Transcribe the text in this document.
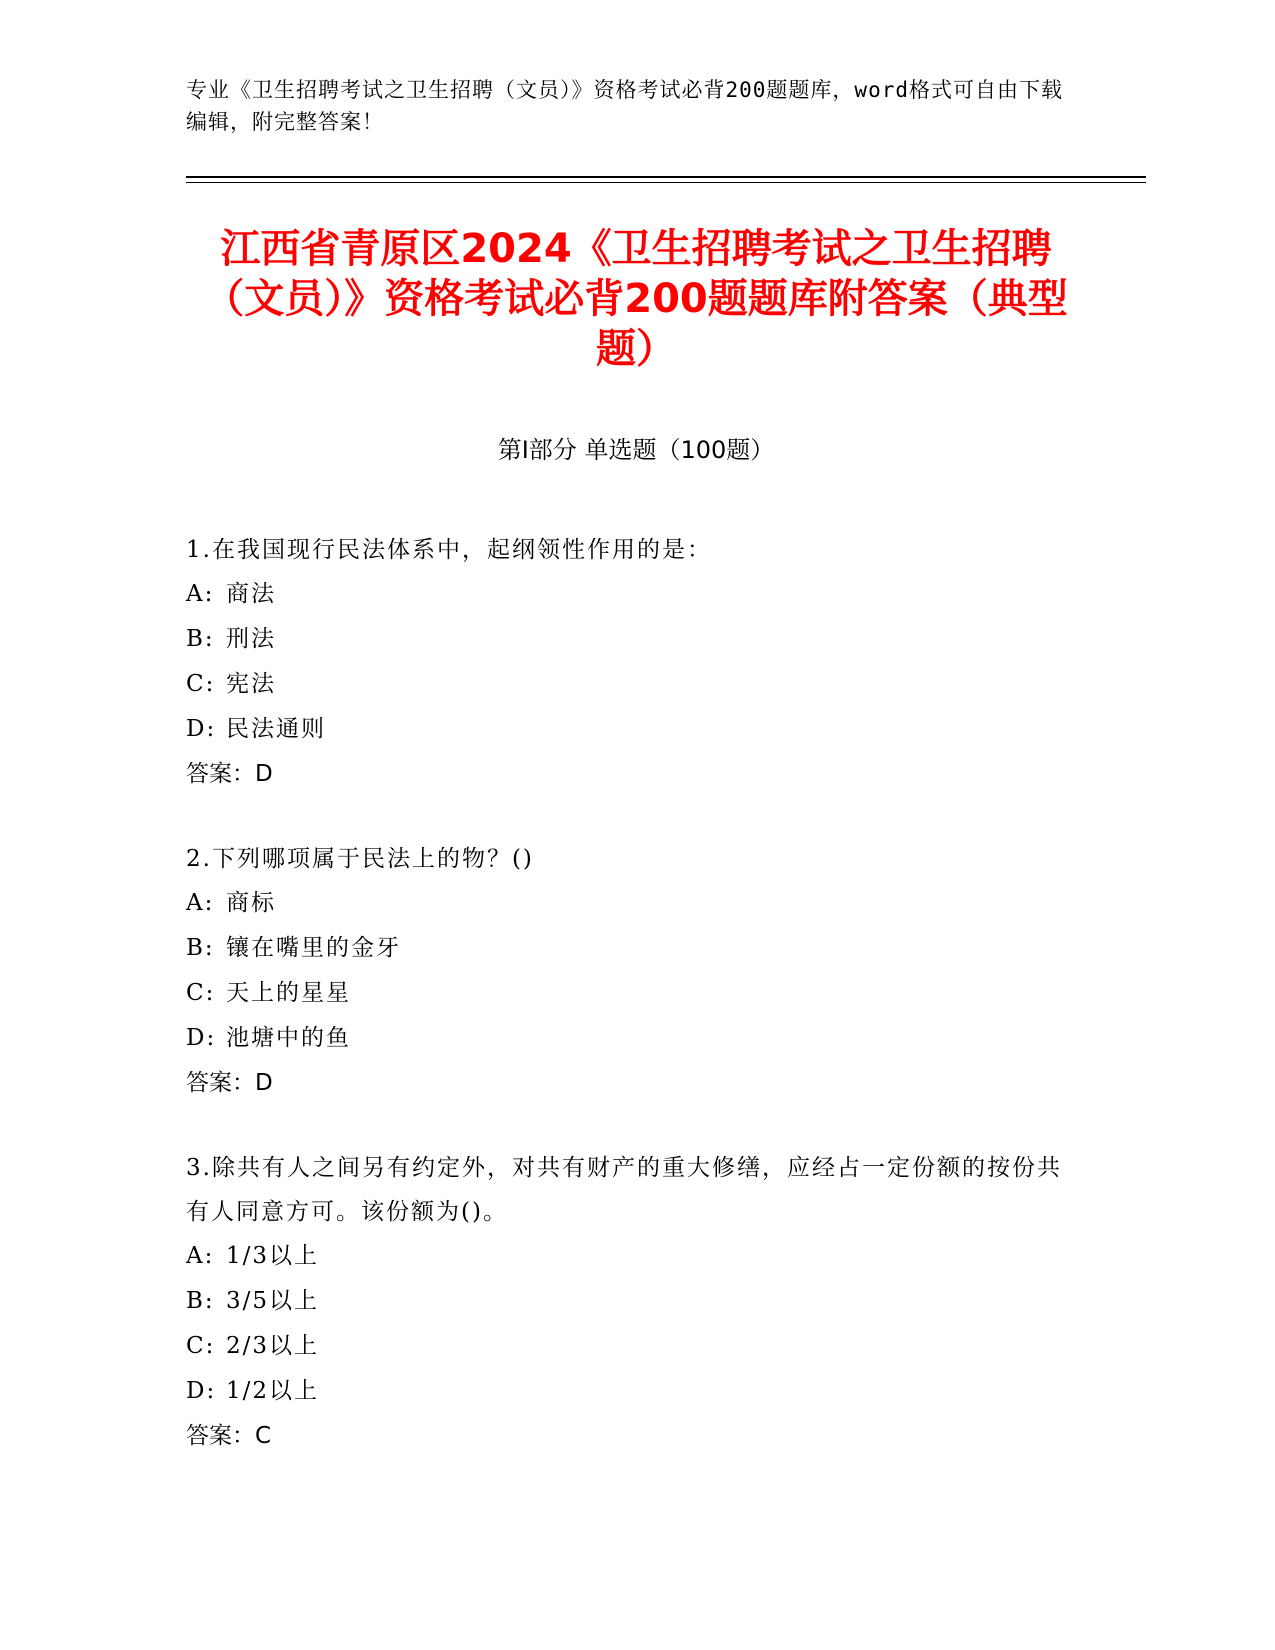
专业《卫生招聘考试之卫生招聘（文员）》资格考试必背200题题库，word格式可自由下载编辑，附完整答案！
江西省青原区2024《卫生招聘考试之卫生招聘（文员）》资格考试必背200题题库附答案（典型题）
第I部分 单选题（100题）
1.在我国现行民法体系中，起纲领性作用的是：
A: 商法
B: 刑法
C: 宪法
D: 民法通则
答案：D
2.下列哪项属于民法上的物？()
A: 商标
B: 镶在嘴里的金牙
C: 天上的星星
D: 池塘中的鱼
答案：D
3.除共有人之间另有约定外，对共有财产的重大修缮，应经占一定份额的按份共有人同意方可。该份额为()。
A: 1/3以上
B: 3/5以上
C: 2/3以上
D: 1/2以上
答案：C
